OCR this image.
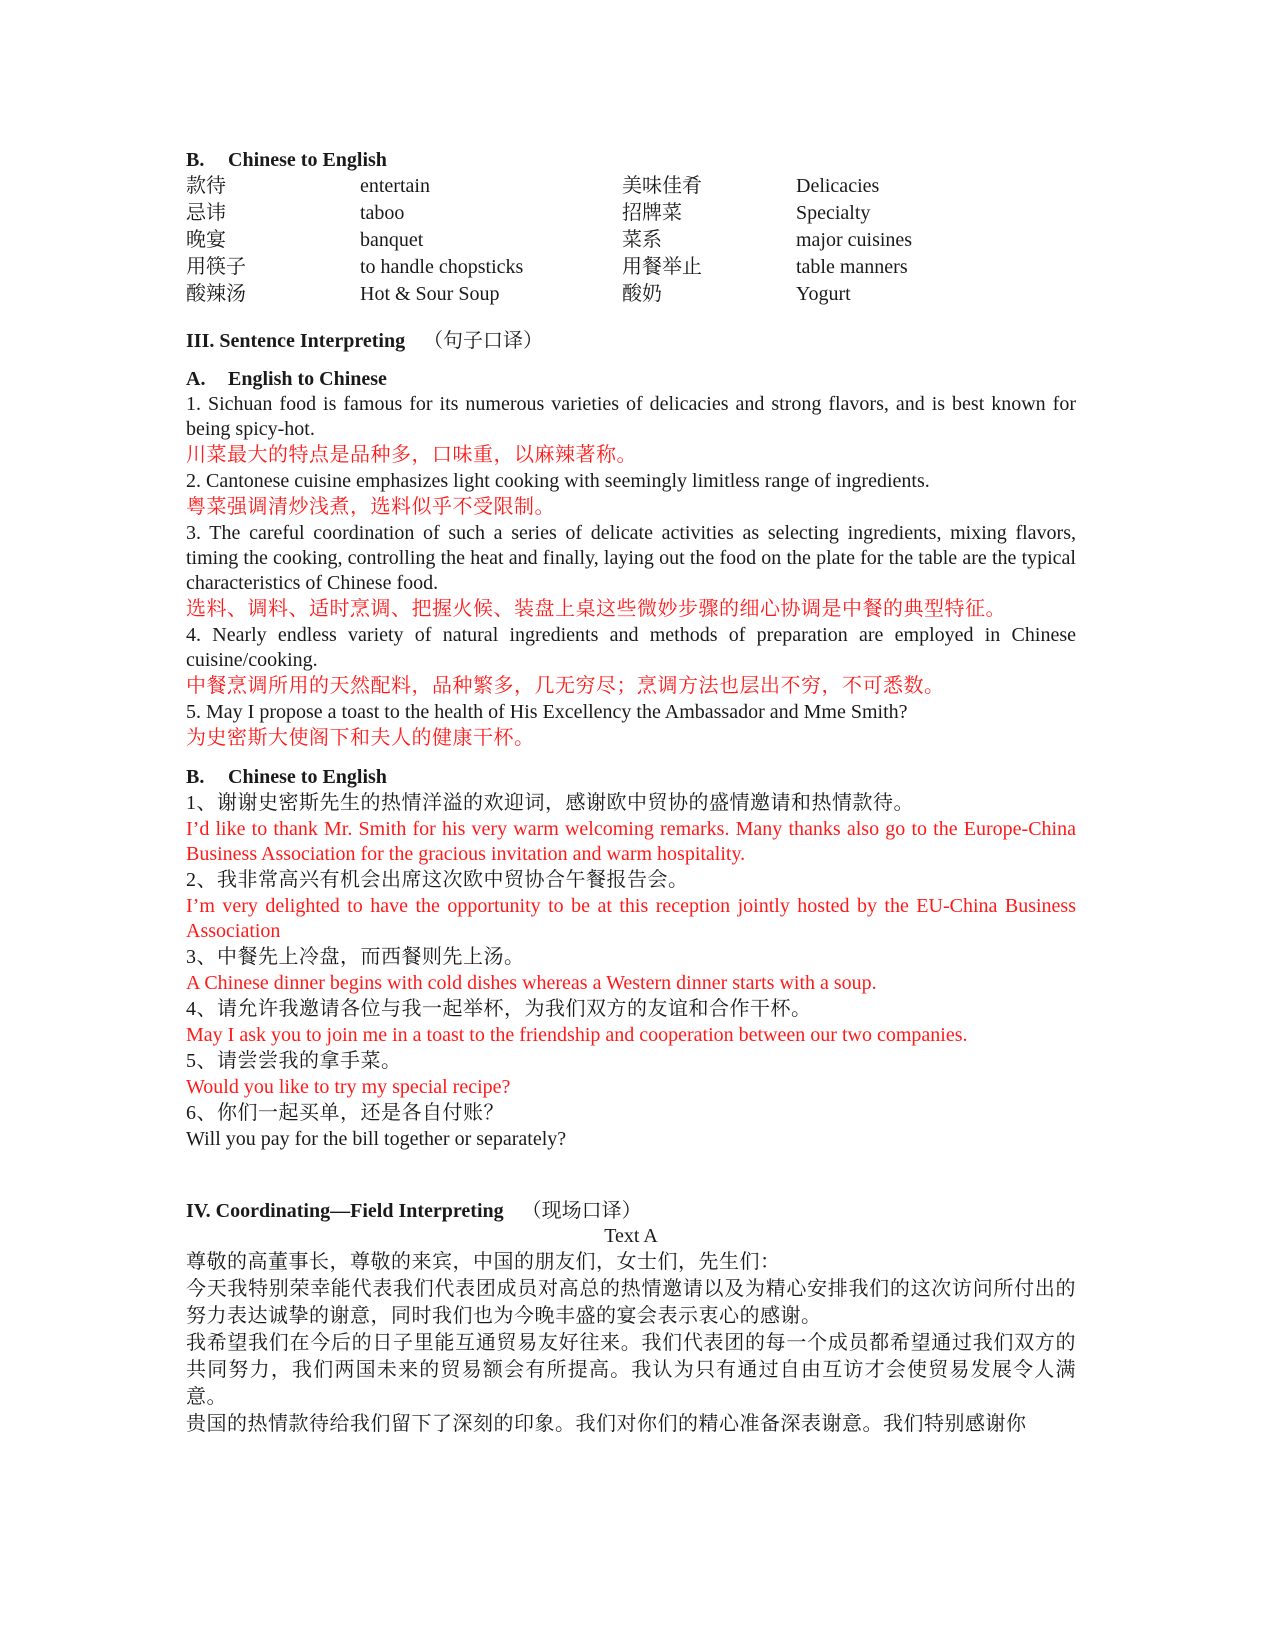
B. Chinese to English
款待	entertain	美味佳肴	Delicacies
忌讳	taboo	招牌菜	Specialty
晚宴	banquet	菜系	major cuisines
用筷子	to handle chopsticks	用餐举止	table manners
酸辣汤	Hot & Sour Soup	酸奶	Yogurt
III. Sentence Interpreting （句子口译）
A. English to Chinese

1. Sichuan food is famous for its numerous varieties of delicacies and strong flavors, and is best known for being spicy-hot.

川菜最大的特点是品种多，口味重，以麻辣著称。

2. Cantonese cuisine emphasizes light cooking with seemingly limitless range of ingredients.

粤菜强调清炒浅煮，选料似乎不受限制。

3. The careful coordination of such a series of delicate activities as selecting ingredients, mixing flavors, timing the cooking, controlling the heat and finally, laying out the food on the plate for the table are the typical characteristics of Chinese food.

选料、调料、适时烹调、把握火候、装盘上桌这些微妙步骤的细心协调是中餐的典型特征。

4. Nearly endless variety of natural ingredients and methods of preparation are employed in Chinese cuisine/cooking.

中餐烹调所用的天然配料，品种繁多，几无穷尽；烹调方法也层出不穷，不可悉数。

5. May I propose a toast to the health of His Excellency the Ambassador and Mme Smith?

为史密斯大使阁下和夫人的健康干杯。

B. Chinese to English

1、谢谢史密斯先生的热情洋溢的欢迎词，感谢欧中贸协的盛情邀请和热情款待。

I’d like to thank Mr. Smith for his very warm welcoming remarks. Many thanks also go to the Europe-China Business Association for the gracious invitation and warm hospitality.

2、我非常高兴有机会出席这次欧中贸协合午餐报告会。

I’m very delighted to have the opportunity to be at this reception jointly hosted by the EU-China Business Association

3、中餐先上冷盘，而西餐则先上汤。

A Chinese dinner begins with cold dishes whereas a Western dinner starts with a soup.

4、请允许我邀请各位与我一起举杯，为我们双方的友谊和合作干杯。

May I ask you to join me in a toast to the friendship and cooperation between our two companies.

5、请尝尝我的拿手菜。

Would you like to try my special recipe?

6、你们一起买单，还是各自付账？

Will you pay for the bill together or separately?

IV. Coordinating—Field Interpreting （现场口译）
Text A

尊敬的高董事长，尊敬的来宾，中国的朋友们，女士们，先生们：

今天我特别荣幸能代表我们代表团成员对高总的热情邀请以及为精心安排我们的这次访问所付出的努力表达诚挚的谢意，同时我们也为今晚丰盛的宴会表示衷心的感谢。

我希望我们在今后的日子里能互通贸易友好往来。我们代表团的每一个成员都希望通过我们双方的共同努力，我们两国未来的贸易额会有所提高。我认为只有通过自由互访才会使贸易发展令人满意。

贵国的热情款待给我们留下了深刻的印象。我们对你们的精心准备深表谢意。我们特别感谢你
